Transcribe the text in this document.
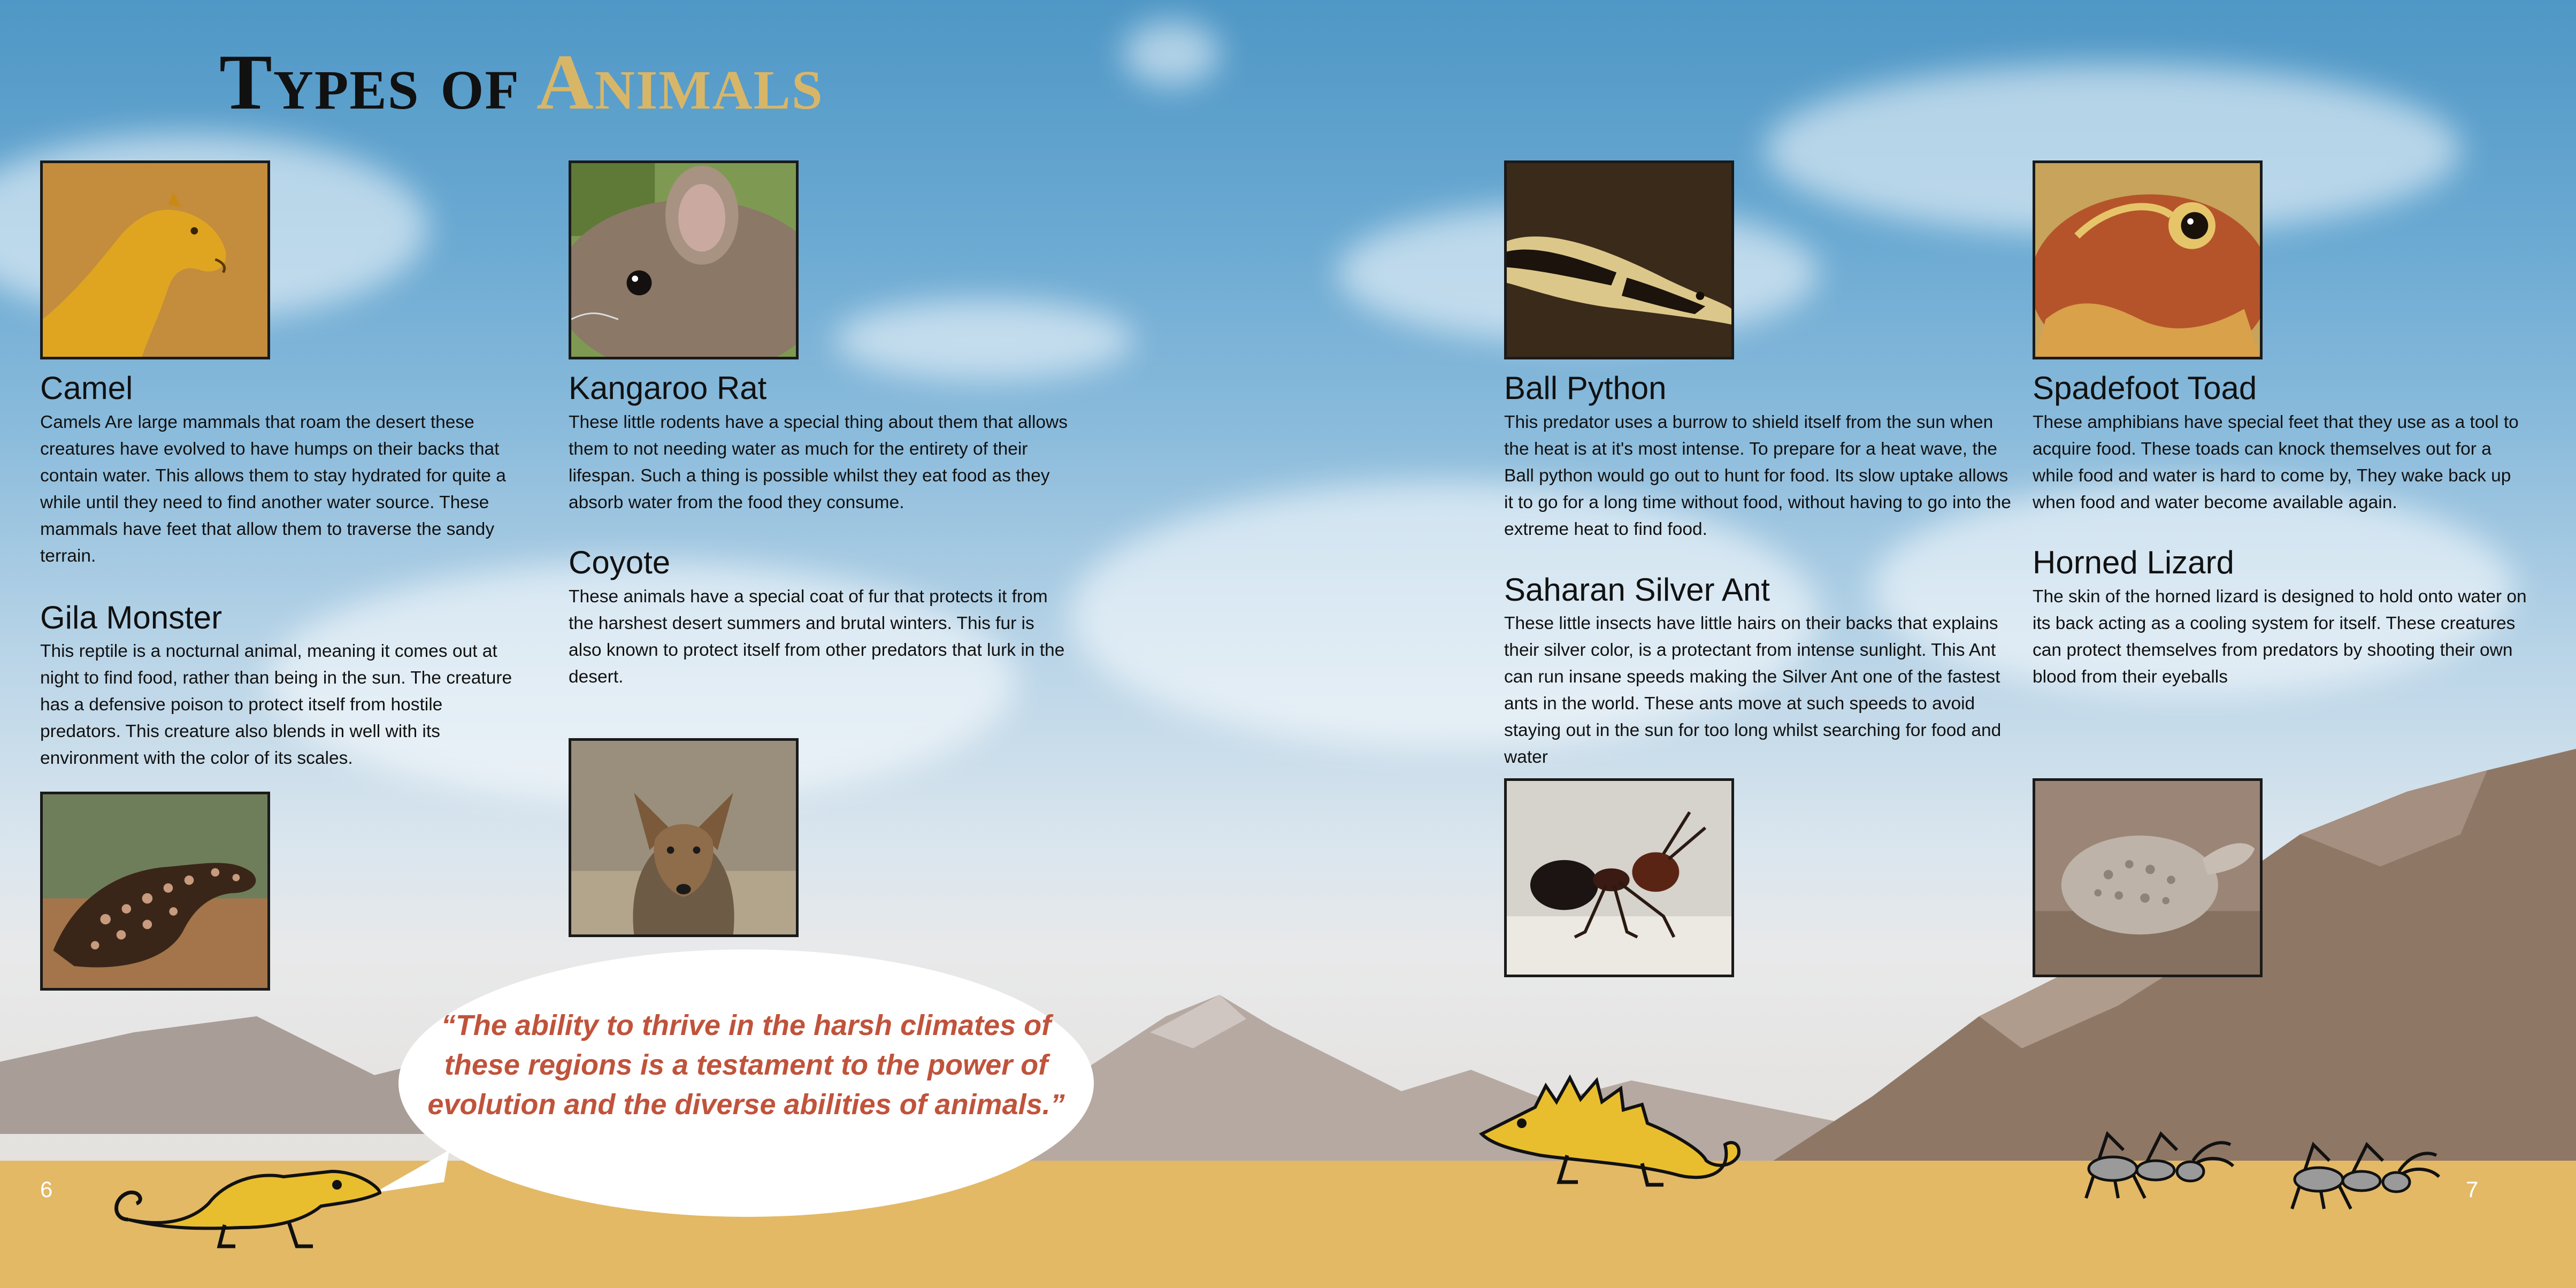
Types of Animals
Camel

Camels Are large mammals that roam the desert these creatures have evolved to have humps on their backs that contain water. This allows them to stay hydrated for quite a while until they need to find another water source. These mammals have feet that allow them to traverse the sandy terrain.

Gila Monster

This reptile is a nocturnal animal, meaning it comes out at night to find food, rather than being in the sun. The creature has a defensive poison to protect itself from hostile predators. This creature also blends in well with its environment with the color of its scales.

Kangaroo Rat

These little rodents have a special thing about them that allows them to not needing water as much for the entirety of their lifespan. Such a thing is possible whilst they eat food as they absorb water from the food they consume.

Coyote

These animals have a special coat of fur that protects it from the harshest desert summers and brutal winters. This fur is also known to protect itself from other predators that lurk in the desert.

Ball Python

This predator uses a burrow to shield itself from the sun when the heat is at it's most intense. To prepare for a heat wave, the Ball python would go out to hunt for food. Its slow uptake allows it to go for a long time without food, without having to go into the extreme heat to find food.

Saharan Silver Ant

These little insects have little hairs on their backs that explains their silver color, is a protectant from intense sunlight. This Ant can run insane speeds making the Silver Ant one of the fastest ants in the world. These ants move at such speeds to avoid staying out in the sun for too long whilst searching for food and water

Spadefoot Toad

These amphibians have special feet that they use as a tool to acquire food. These toads can knock themselves out for a while food and water is hard to come by, They wake back up when food and water become available again.

Horned Lizard

The skin of the horned lizard is designed to hold onto water on its back acting as a cooling system for itself. These creatures can protect themselves from predators by shooting their own blood from their eyeballs

“The ability to thrive in the harsh climates of these regions is a testament to the power of evolution and the diverse abilities of animals.”

6	7
